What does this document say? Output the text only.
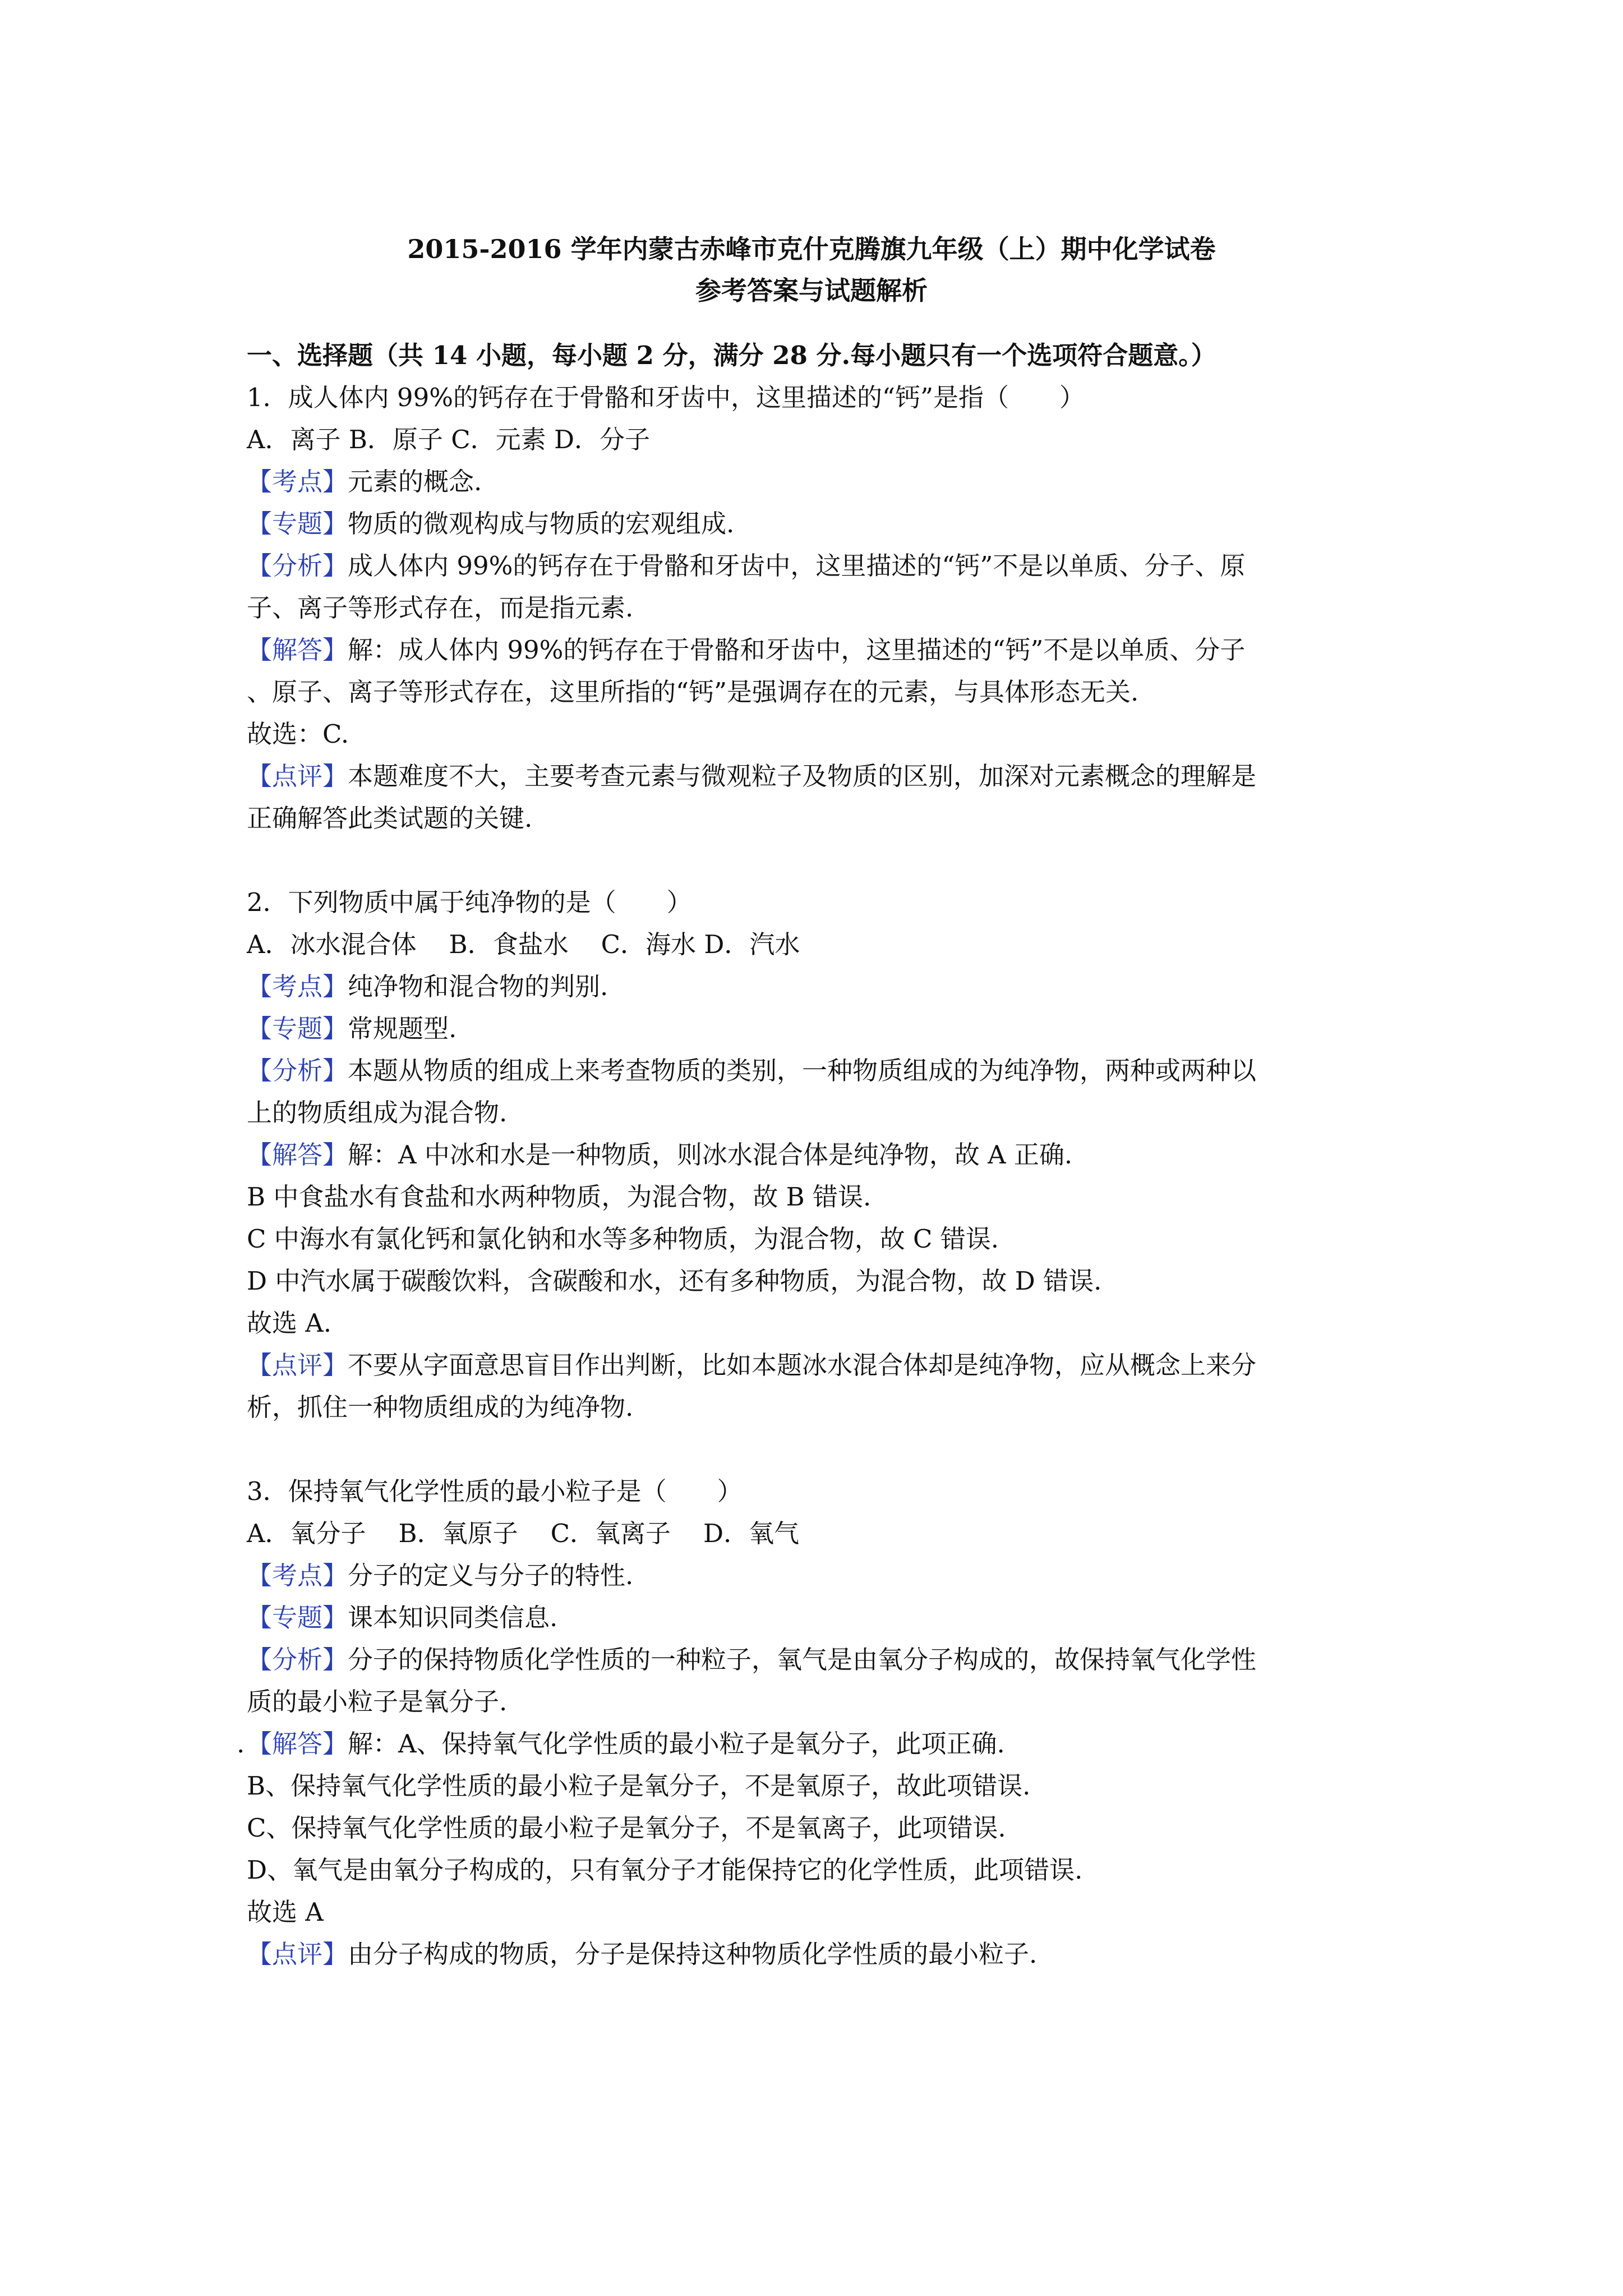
2015-2016 学年内蒙古赤峰市克什克腾旗九年级（上）期中化学试卷
参考答案与试题解析
一、选择题（共 14 小题，每小题 2 分，满分 28 分.每小题只有一个选项符合题意。）
1．成人体内 99%的钙存在于骨骼和牙齿中，这里描述的“钙”是指（　　）
A．离子 B．原子 C．元素 D．分子
【考点】元素的概念.
【专题】物质的微观构成与物质的宏观组成.
【分析】成人体内 99%的钙存在于骨骼和牙齿中，这里描述的“钙”不是以单质、分子、原
子、离子等形式存在，而是指元素.
【解答】解：成人体内 99%的钙存在于骨骼和牙齿中，这里描述的“钙”不是以单质、分子
、原子、离子等形式存在，这里所指的“钙”是强调存在的元素，与具体形态无关.
故选：C.
【点评】本题难度不大，主要考查元素与微观粒子及物质的区别，加深对元素概念的理解是
正确解答此类试题的关键.
2．下列物质中属于纯净物的是（　　）
A．冰水混合体 B．食盐水 C．海水 D．汽水
【考点】纯净物和混合物的判别.
【专题】常规题型.
【分析】本题从物质的组成上来考查物质的类别，一种物质组成的为纯净物，两种或两种以
上的物质组成为混合物.
【解答】解：A 中冰和水是一种物质，则冰水混合体是纯净物，故 A 正确.
B 中食盐水有食盐和水两种物质，为混合物，故 B 错误.
C 中海水有氯化钙和氯化钠和水等多种物质，为混合物，故 C 错误.
D 中汽水属于碳酸饮料，含碳酸和水，还有多种物质，为混合物，故 D 错误.
故选 A.
【点评】不要从字面意思盲目作出判断，比如本题冰水混合体却是纯净物，应从概念上来分
析，抓住一种物质组成的为纯净物.
3．保持氧气化学性质的最小粒子是（　　）
A．氧分子 B．氧原子 C．氧离子 D．氧气
【考点】分子的定义与分子的特性.
【专题】课本知识同类信息.
【分析】分子的保持物质化学性质的一种粒子，氧气是由氧分子构成的，故保持氧气化学性
质的最小粒子是氧分子.
.【解答】解：A、保持氧气化学性质的最小粒子是氧分子，此项正确.
B、保持氧气化学性质的最小粒子是氧分子，不是氧原子，故此项错误.
C、保持氧气化学性质的最小粒子是氧分子，不是氧离子，此项错误.
D、氧气是由氧分子构成的，只有氧分子才能保持它的化学性质，此项错误.
故选 A
【点评】由分子构成的物质，分子是保持这种物质化学性质的最小粒子.
